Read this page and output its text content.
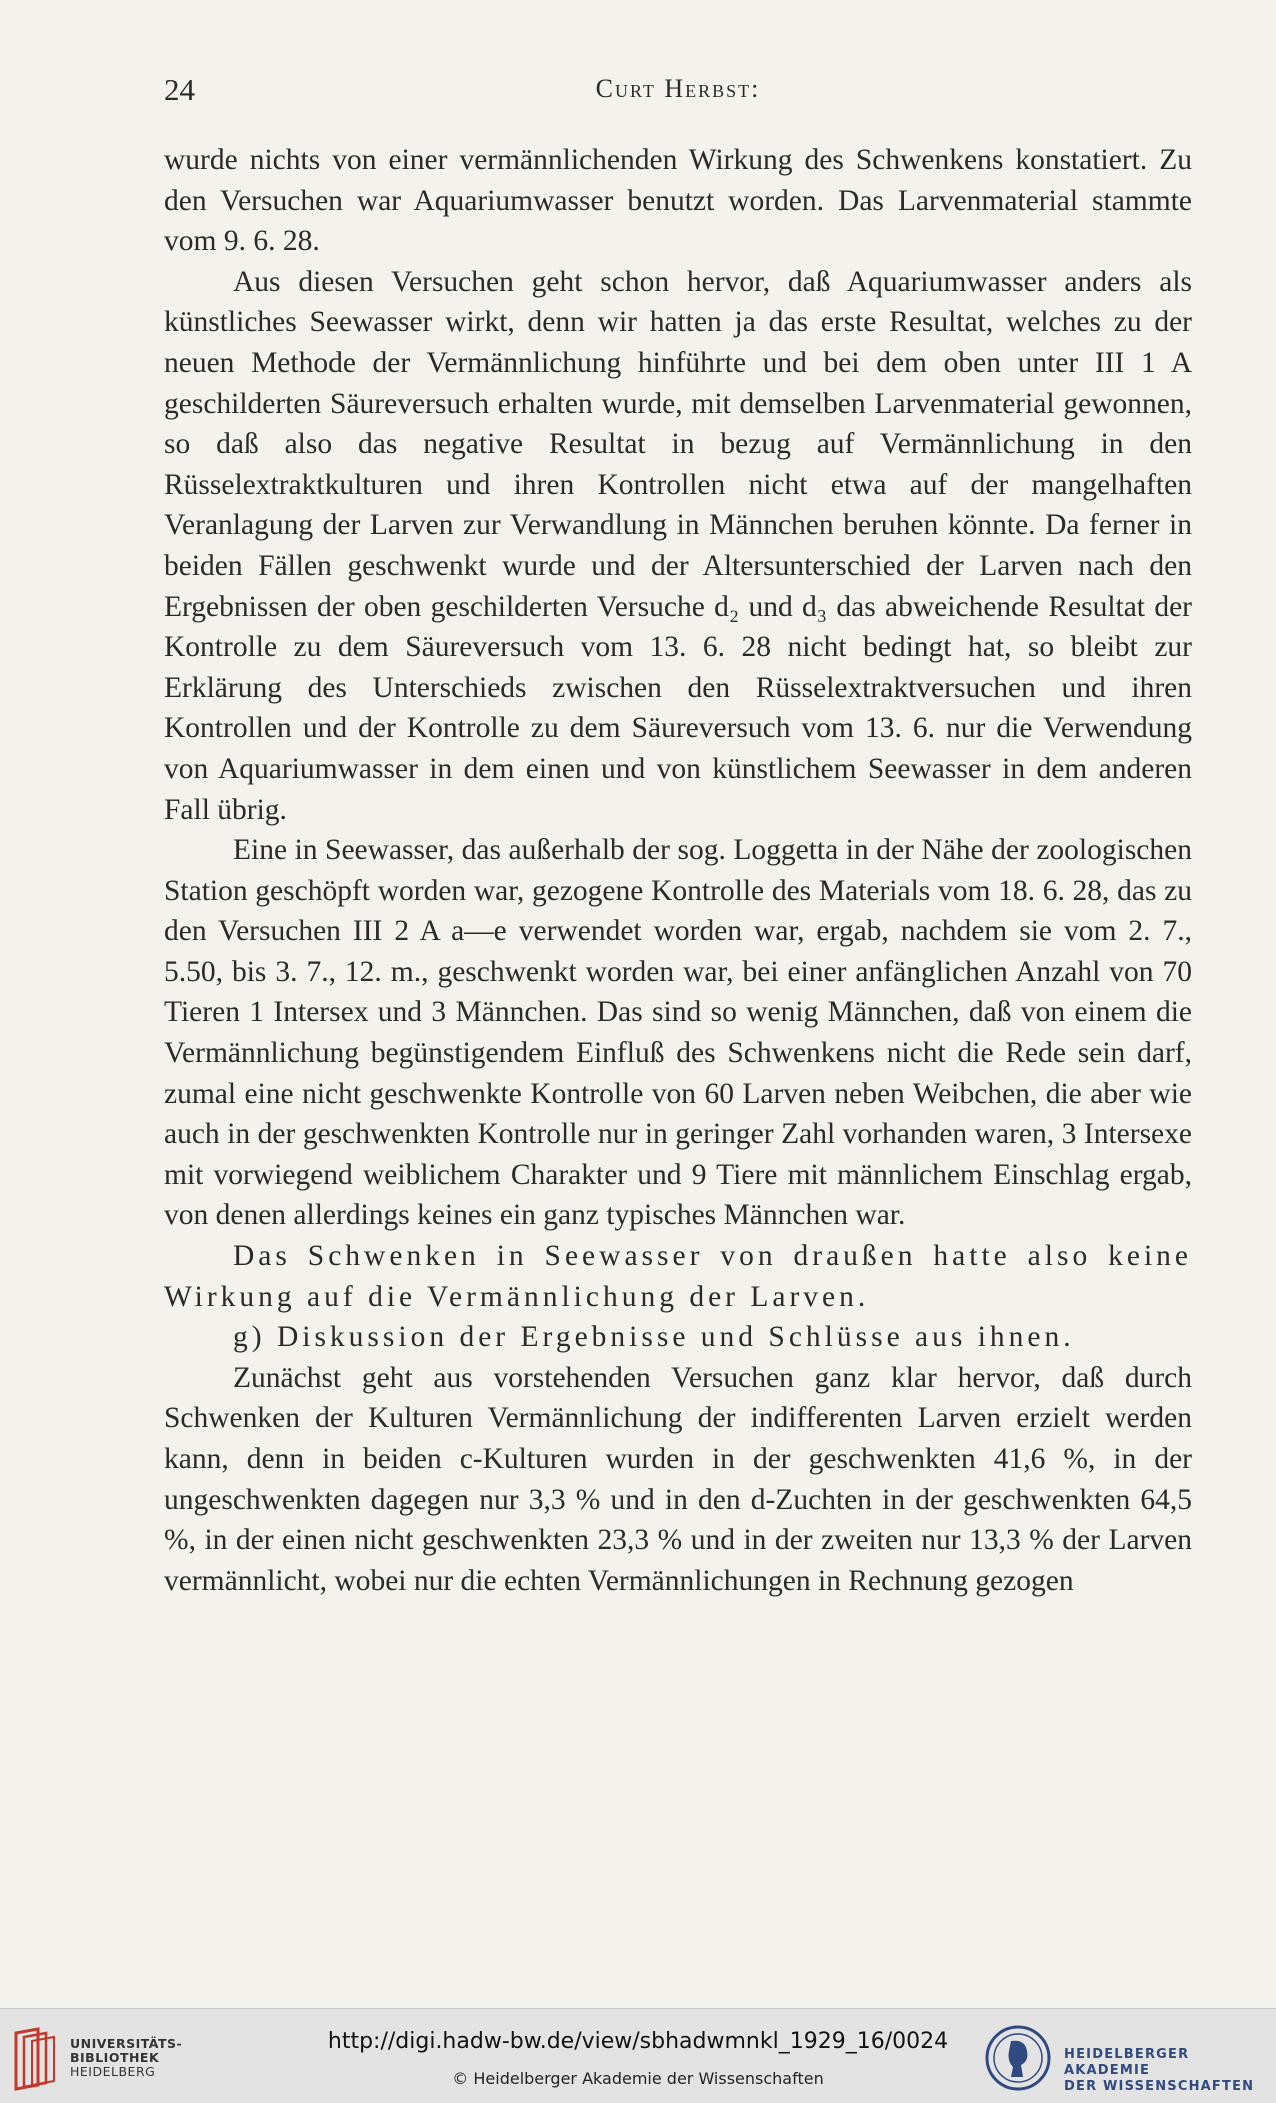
24	Curt Herbst:

wurde nichts von einer vermännlichenden Wirkung des Schwenkens konstatiert. Zu den Versuchen war Aquariumwasser benutzt worden. Das Larvenmaterial stammte vom 9. 6. 28.

Aus diesen Versuchen geht schon hervor, daß Aquariumwasser anders als künstliches Seewasser wirkt, denn wir hatten ja das erste Resultat, welches zu der neuen Methode der Vermännlichung hinführte und bei dem oben unter III 1 A geschilderten Säureversuch erhalten wurde, mit demselben Larvenmaterial gewonnen, so daß also das negative Resultat in bezug auf Vermännlichung in den Rüsselextraktkulturen und ihren Kontrollen nicht etwa auf der mangelhaften Veranlagung der Larven zur Verwandlung in Männchen beruhen könnte. Da ferner in beiden Fällen geschwenkt wurde und der Altersunterschied der Larven nach den Ergebnissen der oben geschilderten Versuche d₂ und d₃ das abweichende Resultat der Kontrolle zu dem Säureversuch vom 13. 6. 28 nicht bedingt hat, so bleibt zur Erklärung des Unterschieds zwischen den Rüsselextraktversuchen und ihren Kontrollen und der Kontrolle zu dem Säureversuch vom 13. 6. nur die Verwendung von Aquariumwasser in dem einen und von künstlichem Seewasser in dem anderen Fall übrig.

Eine in Seewasser, das außerhalb der sog. Loggetta in der Nähe der zoologischen Station geschöpft worden war, gezogene Kontrolle des Materials vom 18. 6. 28, das zu den Versuchen III 2 A a—e verwendet worden war, ergab, nachdem sie vom 2. 7., 5.50, bis 3. 7., 12. m., geschwenkt worden war, bei einer anfänglichen Anzahl von 70 Tieren 1 Intersex und 3 Männchen. Das sind so wenig Männchen, daß von einem die Vermännlichung begünstigendem Einfluß des Schwenkens nicht die Rede sein darf, zumal eine nicht geschwenkte Kontrolle von 60 Larven neben Weibchen, die aber wie auch in der geschwenkten Kontrolle nur in geringer Zahl vorhanden waren, 3 Intersexe mit vorwiegend weiblichem Charakter und 9 Tiere mit männlichem Einschlag ergab, von denen allerdings keines ein ganz typisches Männchen war.

Das Schwenken in Seewasser von draußen hatte also keine Wirkung auf die Vermännlichung der Larven.

g) Diskussion der Ergebnisse und Schlüsse aus ihnen.

Zunächst geht aus vorstehenden Versuchen ganz klar hervor, daß durch Schwenken der Kulturen Vermännlichung der indifferenten Larven erzielt werden kann, denn in beiden c-Kulturen wurden in der geschwenkten 41,6 %, in der ungeschwenkten dagegen nur 3,3 % und in den d-Zuchten in der geschwenkten 64,5 %, in der einen nicht geschwenkten 23,3 % und in der zweiten nur 13,3 % der Larven vermännlicht, wobei nur die echten Vermännlichungen in Rechnung gezogen

UNIVERSITÄTS-
BIBLIOTHEK
HEIDELBERG
http://digi.hadw-bw.de/view/sbhadwmnkl_1929_16/0024
© Heidelberger Akademie der Wissenschaften
HEIDELBERGER AKADEMIE
DER WISSENSCHAFTEN
